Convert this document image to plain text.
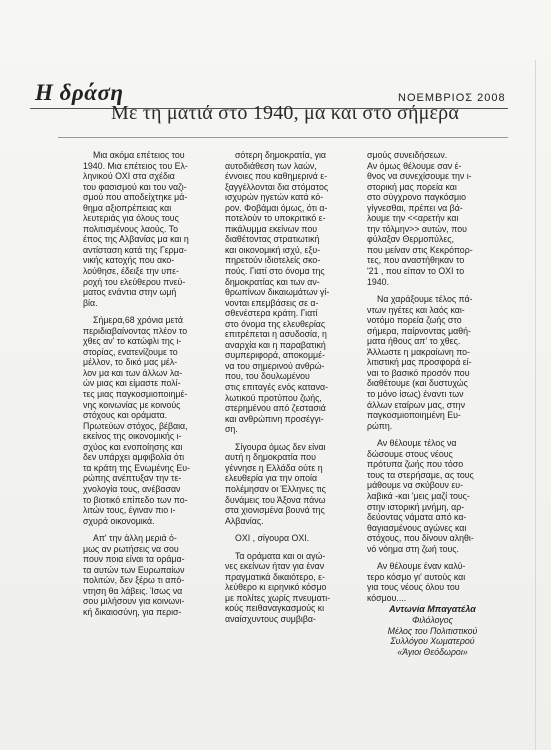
Η δράση	ΝΟΕΜΒΡΙΟΣ 2008
Με τη ματιά στο 1940, μα και στο σήμερα

Μια ακόμα επέτειος του
1940. Μια επέτειος του Ελ-
ληνικού ΟΧΙ στα σχέδια
του φασισμού και του ναζι-
σμού που αποδείχτηκε μά-
θημα αξιοπρέπειας και
λευτεριάς για όλους τους
πολιτισμένους λαούς. Το
έπος της Αλβανίας μα και η
αντίσταση κατά της Γερμα-
νικής κατοχής που ακο-
λούθησε, έδειξε την υπε-
ροχή του ελεύθερου πνεύ-
ματος ενάντια στην ωμή
βία.

Σήμερα,68 χρόνια μετά
περιδιαβαίνοντας πλέον το
χθες αν' το κατώφλι της ι-
στορίας, ενατενίζουμε το
μέλλον, το δικό μας μέλ-
λον μα και των άλλων λα-
ών μιας και είμαστε πολί-
τες μιας παγκοσμιοποιημέ-
νης κοινωνίας με κοινούς
στόχους και οράματα.
Πρωτεύων στόχος, βέβαια,
εκείνος της οικονομικής ι-
σχύος και ενοποίησης και
δεν υπάρχει αμφιβολία ότι
τα κράτη της Ενωμένης Ευ-
ρώπης ανέπτυξαν την τε-
χνολογία τους, ανέβασαν
το βιοτικό επίπεδο των πο-
λιτών τους, έγιναν πιο ι-
σχυρά οικονομικά.

Απ' την άλλη μεριά ό-
μως αν ρωτήσεις να σου
πουν ποια είναι τα οράμα-
τα αυτών των Ευρωπαίων
πολιτών, δεν ξέρω τι από-
ντηση θα λάβεις. Ίσως να
σου μιλήσουν για κοινωνι-
κή δικαιοσύνη, για περισ-

σότερη δημοκρατία, για
αυτοδιάθεση των λαών,
έννοιες που καθημερινά ε-
ξαγγέλλονται δια στόματος
ισχυρών ηγετών κατά κό-
ρον. Φοβάμαι όμως, ότι α-
ποτελούν το υποκριτικό ε-
πικάλυμμα εκείνων που
διαθέτοντας στρατιωτική
και οικονομική ισχύ, εξυ-
πηρετούν ιδιοτελείς σκο-
πούς. Γιατί στο όνομα της
δημοκρατίας και των αν-
θρωπίνων δικαιωμάτων γί-
νονται επεμβάσεις σε α-
σθενέστερα κράτη. Γιατί
στο όνομα της ελευθερίας
επιτρέπεται η ασυδοσία, η
αναρχία και η παραβατική
συμπεριφορά, αποκομμέ-
να του σημερινού ανθρώ-
που, του δουλωμένου
στις επιταγές ενός κατανα-
λωτικού προτύπου ζωής,
στερημένου από ζεστασιά
και ανθρώπινη προσέγγι-
ση.

Σίγουρα όμως δεν είναι
αυτή η δημοκρατία που
γέννησε η Ελλάδα ούτε η
ελευθερία για την οποία
πολέμησαν οι Έλληνες τις
δυνάμεις του Άξονα πάνω
στα χιονισμένα βουνά της
Αλβανίας.

ΟΧΙ , σίγουρα ΟΧΙ.

Τα οράματα και οι αγώ-
νες εκείνων ήταν για έναν
πραγματικά δικαιότερο, ε-
λεύθερο κι ειρηνικό κόσμο
με πολίτες χωρίς πνευματι-
κούς πειθαναγκασμούς κι
αναίσχυντους συμβιβα-

σμούς συνειδήσεων.
Αν όμως θέλουμε σαν έ-
θνος να συνεχίσουμε την ι-
στορική μας πορεία και
στο σύγχρονο παγκόσμιο
γίγνεσθαι, πρέπει να βά-
λουμε την <<αρετήν και
την τόλμην>> αυτών, που
φύλαξαν Θερμοπύλες,
που μείναν στις Κεκρόπορ-
τες, που αναστήθηκαν το
'21 , που είπαν το ΟΧΙ το
1940.

Να χαράξουμε τέλος πά-
ντων ηγέτες και λαός και-
νοτόμο πορεία ζωής στο
σήμερα, παίρνοντας μαθή-
ματα ήθους απ' το χθες.
Άλλωστε η μακραίωνη πο-
λιτιστική μας προσφορά εί-
ναι το βασικό προσόν που
διαθέτουμε (και δυστυχώς
το μόνο ίσως) έναντι των
άλλων εταίρων μας, στην
παγκοσμιοποιημένη Ευ-
ρώπη.

Αν θέλουμε τέλος να
δώσουμε στους νέους
πρότυπα ζωής που τόσο
τους τα στερήσαμε, ας τους
μάθουμε να σκύβουν ευ-
λαβικά -και 'μεις μαζί τους-
στην ιστορική μνήμη, αρ-
δεύοντας νάματα από κα-
θαγιασμένους αγώνες και
στόχους, που δίνουν αληθι-
νό νόημα στη ζωή τους.

Αν θέλουμε έναν καλύ-
τερο κόσμο γι' αυτούς και
για τους νέους όλου του
κόσμου....

Αντωνία Μπαγατέλα
Φιλόλογος
Μέλος του Πολιτιστικού
Συλλόγου Χωματερού
«Άγιοι Θεόδωροι»
